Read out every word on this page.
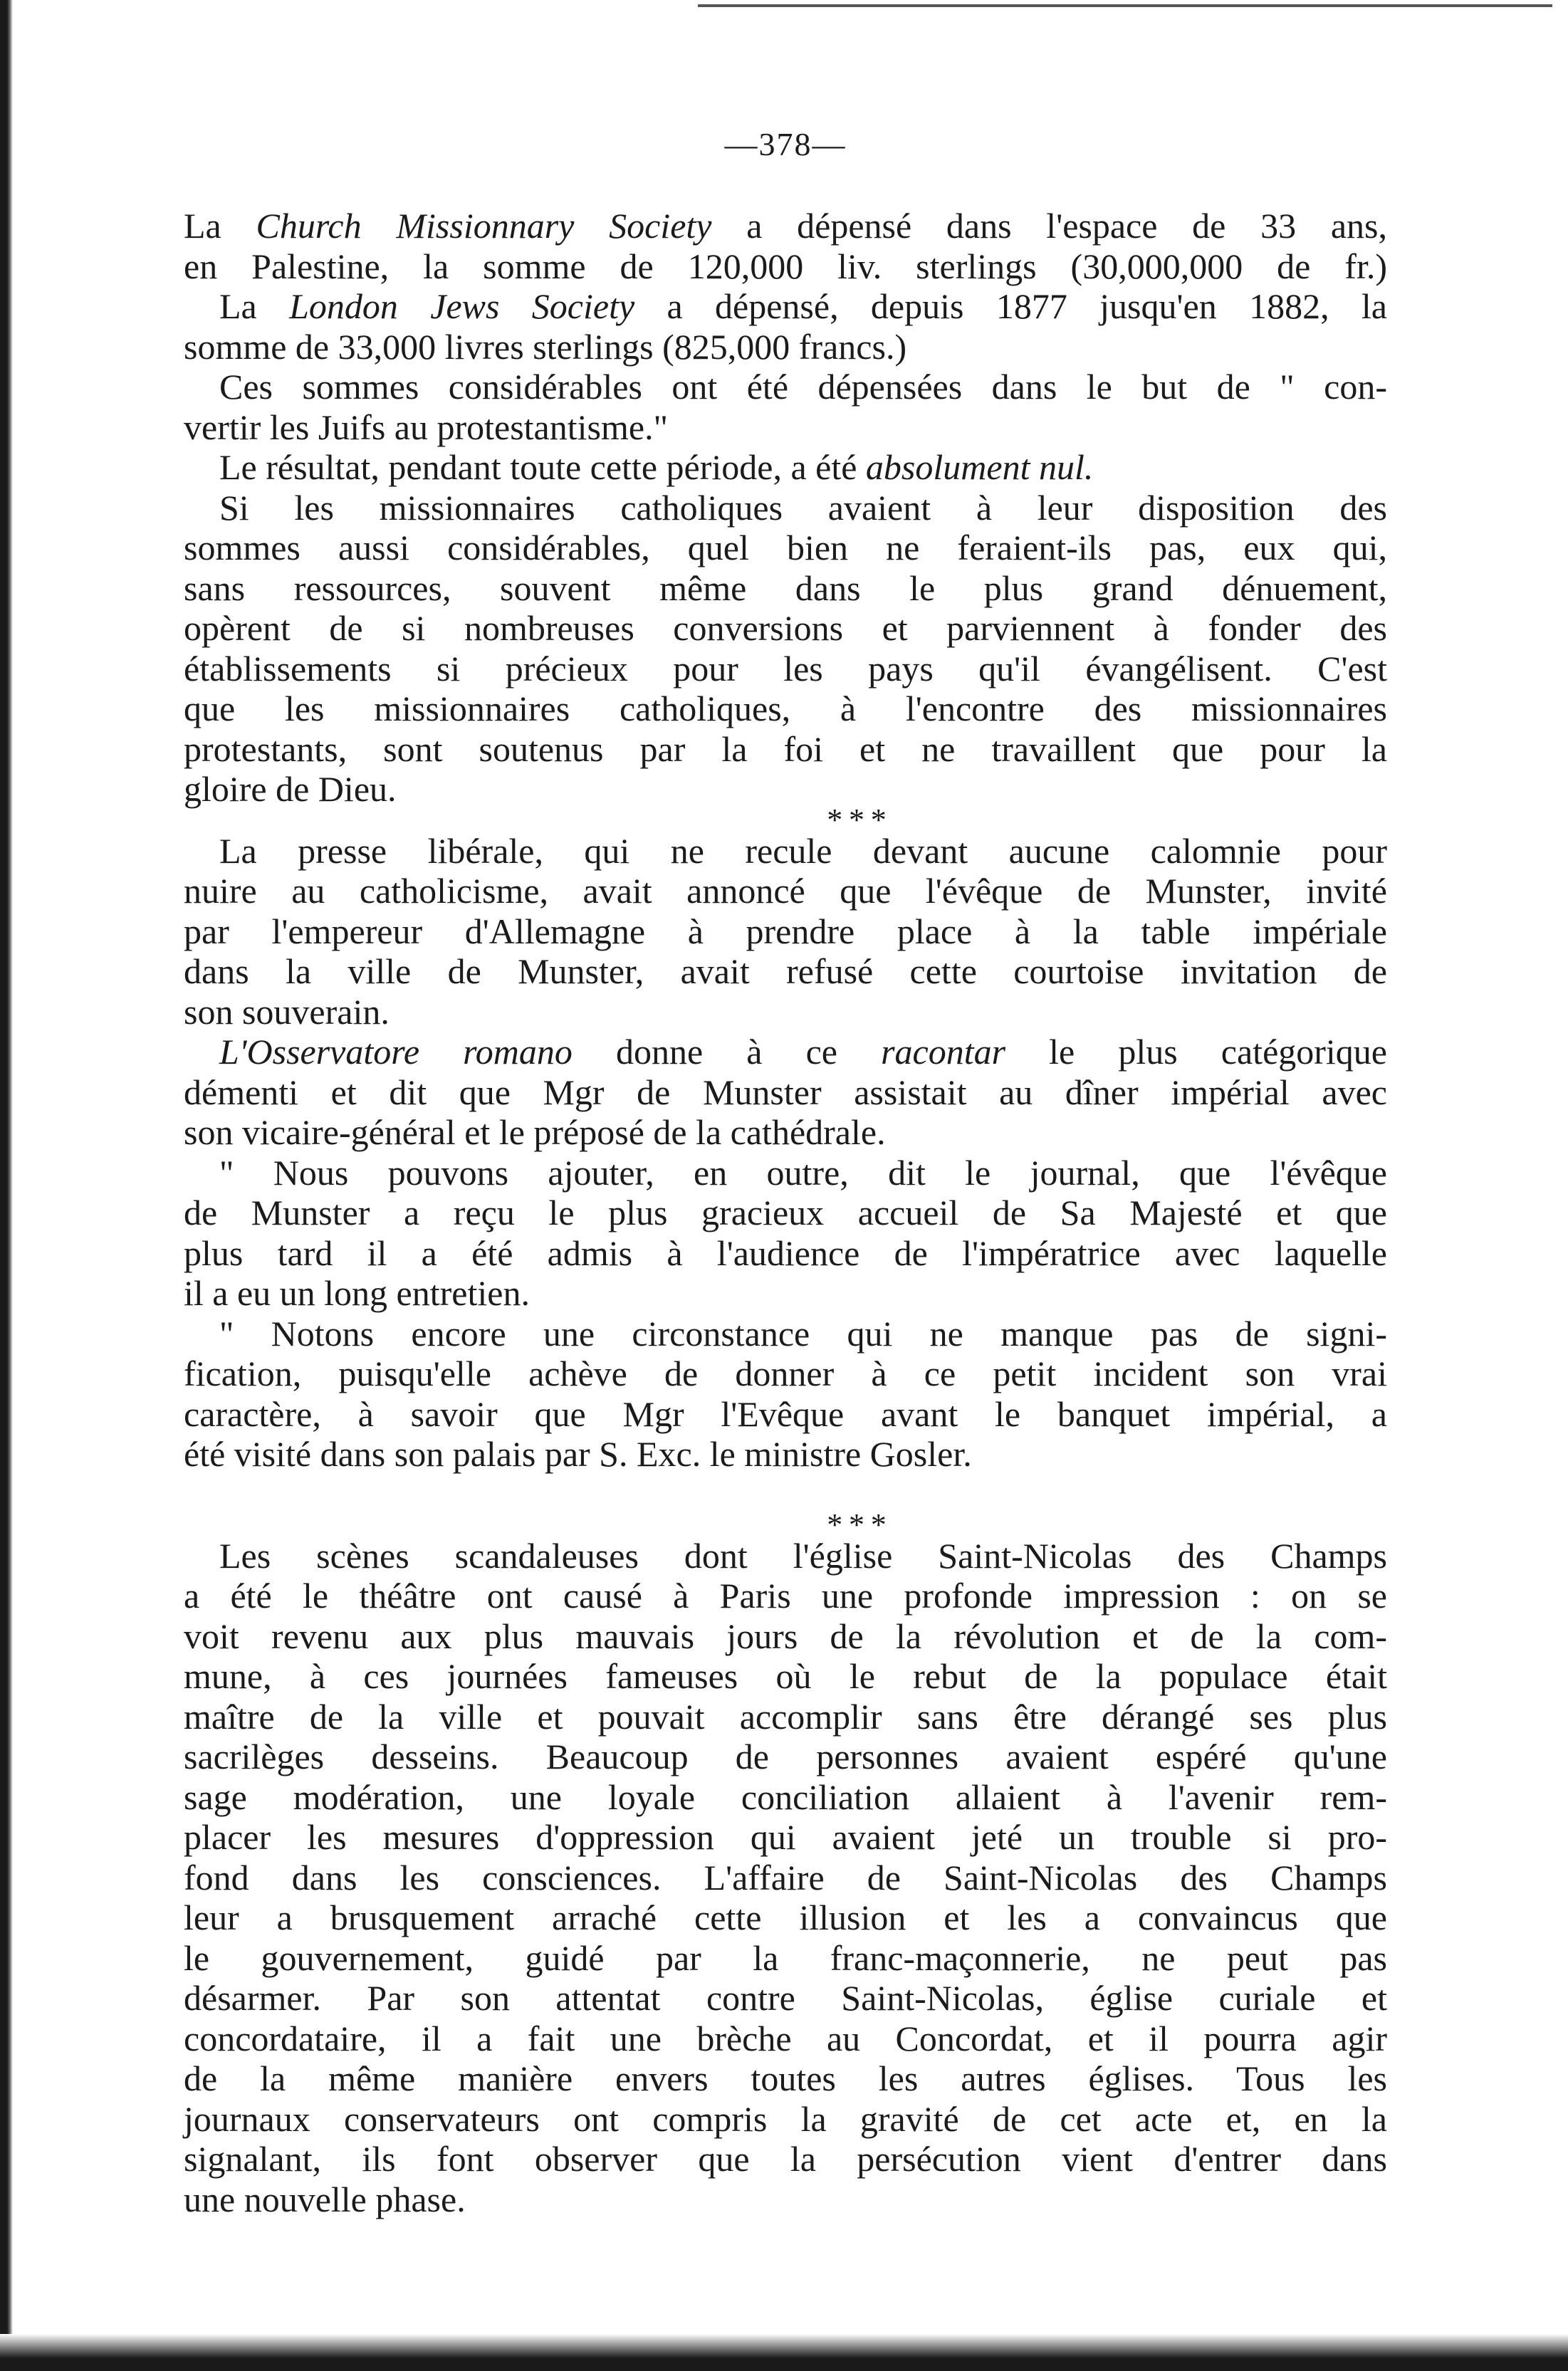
—378—
La Church Missionnary Society a dépensé dans l'espace de 33 ans,
en Palestine, la somme de 120,000 liv. sterlings (30,000,000 de fr.)
La London Jews Society a dépensé, depuis 1877 jusqu'en 1882, la
somme de 33,000 livres sterlings (825,000 francs.)
Ces sommes considérables ont été dépensées dans le but de " con-
vertir les Juifs au protestantisme."
Le résultat, pendant toute cette période, a été absolument nul.
Si les missionnaires catholiques avaient à leur disposition des
sommes aussi considérables, quel bien ne feraient-ils pas, eux qui,
sans ressources, souvent même dans le plus grand dénuement,
opèrent de si nombreuses conversions et parviennent à fonder des
établissements si précieux pour les pays qu'il évangélisent. C'est
que les missionnaires catholiques, à l'encontre des missionnaires
protestants, sont soutenus par la foi et ne travaillent que pour la
gloire de Dieu.
* * *
La presse libérale, qui ne recule devant aucune calomnie pour
nuire au catholicisme, avait annoncé que l'évêque de Munster, invité
par l'empereur d'Allemagne à prendre place à la table impériale
dans la ville de Munster, avait refusé cette courtoise invitation de
son souverain.
L'Osservatore romano donne à ce racontar le plus catégorique
démenti et dit que Mgr de Munster assistait au dîner impérial avec
son vicaire-général et le préposé de la cathédrale.
" Nous pouvons ajouter, en outre, dit le journal, que l'évêque
de Munster a reçu le plus gracieux accueil de Sa Majesté et que
plus tard il a été admis à l'audience de l'impératrice avec laquelle
il a eu un long entretien.
" Notons encore une circonstance qui ne manque pas de signi-
fication, puisqu'elle achève de donner à ce petit incident son vrai
caractère, à savoir que Mgr l'Evêque avant le banquet impérial, a
été visité dans son palais par S. Exc. le ministre Gosler.
* * *
Les scènes scandaleuses dont l'église Saint-Nicolas des Champs
a été le théâtre ont causé à Paris une profonde impression : on se
voit revenu aux plus mauvais jours de la révolution et de la com-
mune, à ces journées fameuses où le rebut de la populace était
maître de la ville et pouvait accomplir sans être dérangé ses plus
sacrilèges desseins. Beaucoup de personnes avaient espéré qu'une
sage modération, une loyale conciliation allaient à l'avenir rem-
placer les mesures d'oppression qui avaient jeté un trouble si pro-
fond dans les consciences. L'affaire de Saint-Nicolas des Champs
leur a brusquement arraché cette illusion et les a convaincus que
le gouvernement, guidé par la franc-maçonnerie, ne peut pas
désarmer. Par son attentat contre Saint-Nicolas, église curiale et
concordataire, il a fait une brèche au Concordat, et il pourra agir
de la même manière envers toutes les autres églises. Tous les
journaux conservateurs ont compris la gravité de cet acte et, en la
signalant, ils font observer que la persécution vient d'entrer dans
une nouvelle phase.
